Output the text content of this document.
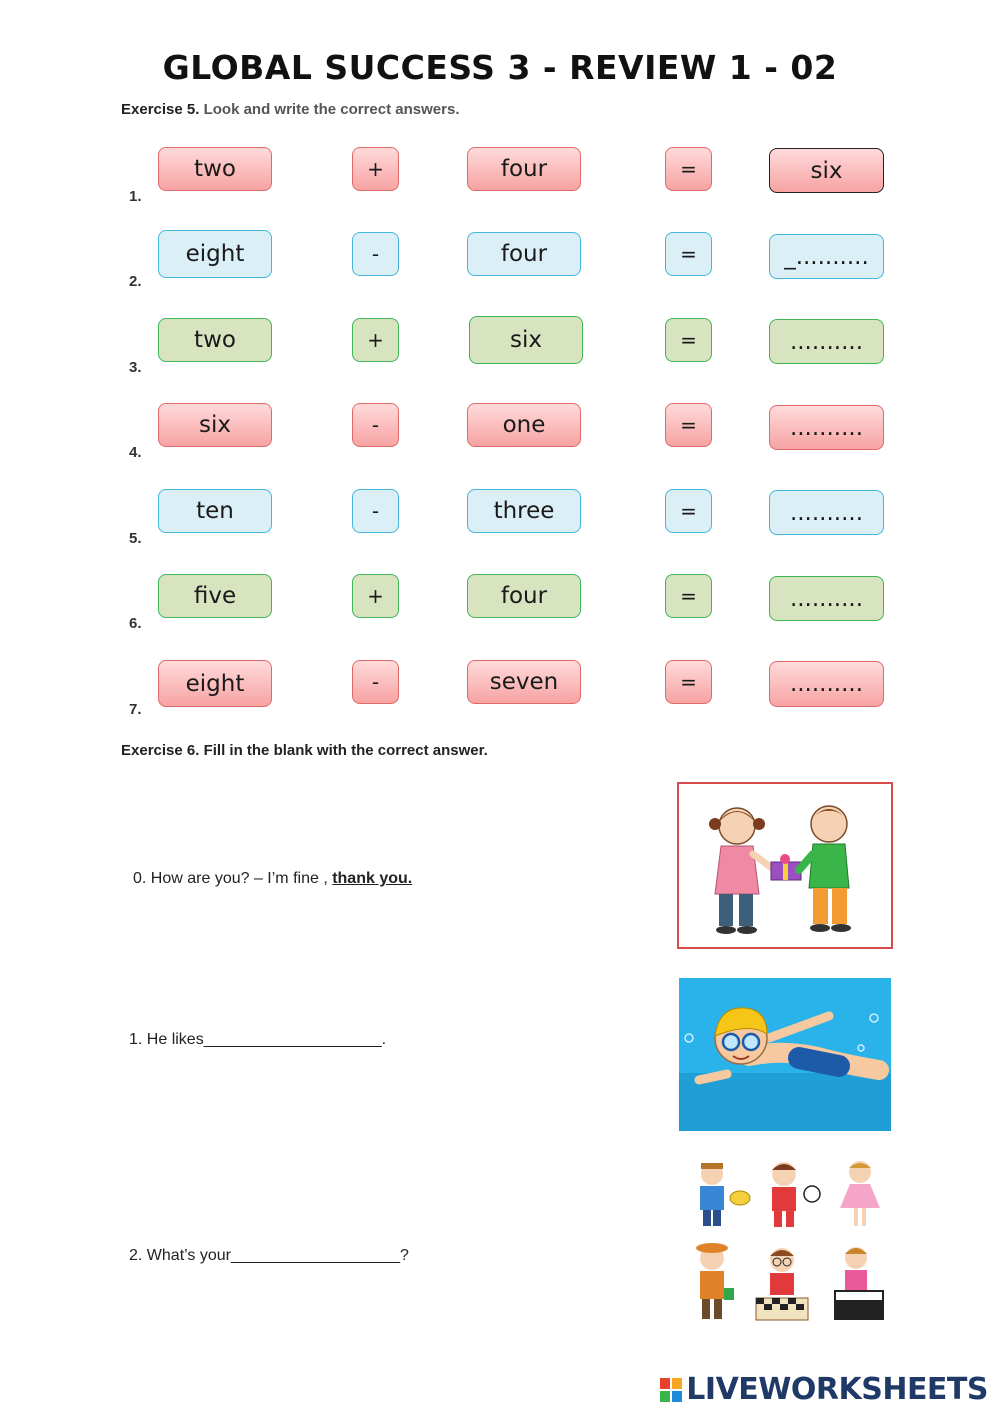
GLOBAL SUCCESS 3 - REVIEW 1 - 02
Exercise 5. Look and write the correct answers.
1.
two	+	four	=	six
2.
eight	-	four	=	_..........
3.
two	+	six	=	..........
4.
six	-	one	=	..........
5.
ten	-	three	=	..........
6.
five	+	four	=	..........
7.
eight	-	seven	=	..........
Exercise 6. Fill in the blank with the correct answer.
0. How are you? – I’m fine , thank you.
1. He likes____________________.
2. What’s your___________________?
LIVEWORKSHEETS
